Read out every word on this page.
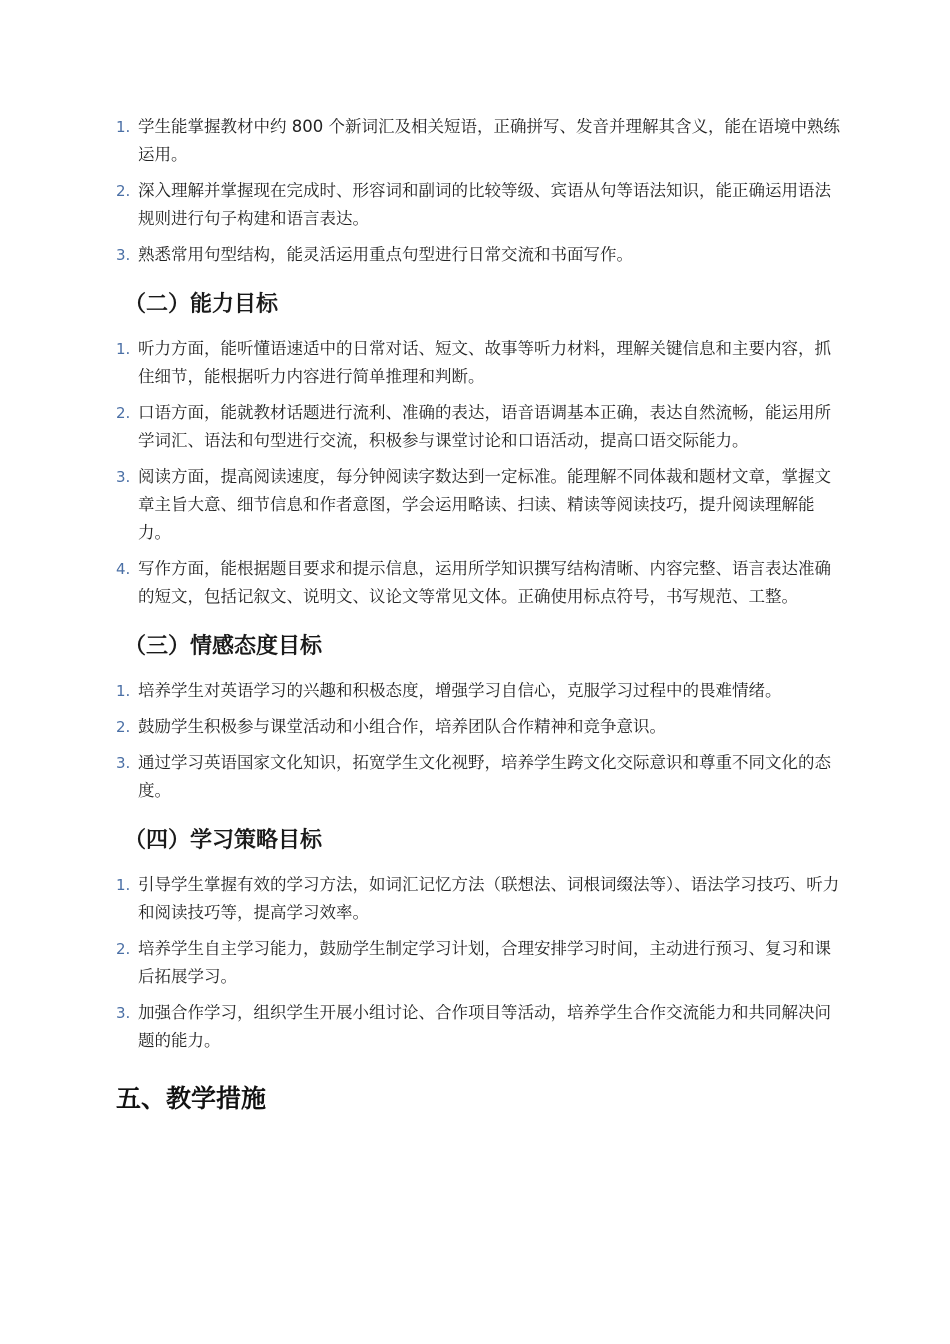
1. 学生能掌握教材中约 800 个新词汇及相关短语，正确拼写、发音并理解其含义，能在语境中熟练运用。
2. 深入理解并掌握现在完成时、形容词和副词的比较等级、宾语从句等语法知识，能正确运用语法规则进行句子构建和语言表达。
3. 熟悉常用句型结构，能灵活运用重点句型进行日常交流和书面写作。
（二）能力目标
1. 听力方面，能听懂语速适中的日常对话、短文、故事等听力材料，理解关键信息和主要内容，抓住细节，能根据听力内容进行简单推理和判断。
2. 口语方面，能就教材话题进行流利、准确的表达，语音语调基本正确，表达自然流畅，能运用所学词汇、语法和句型进行交流，积极参与课堂讨论和口语活动，提高口语交际能力。
3. 阅读方面，提高阅读速度，每分钟阅读字数达到一定标准。能理解不同体裁和题材文章，掌握文章主旨大意、细节信息和作者意图，学会运用略读、扫读、精读等阅读技巧，提升阅读理解能力。
4. 写作方面，能根据题目要求和提示信息，运用所学知识撰写结构清晰、内容完整、语言表达准确的短文，包括记叙文、说明文、议论文等常见文体。正确使用标点符号，书写规范、工整。
（三）情感态度目标
1. 培养学生对英语学习的兴趣和积极态度，增强学习自信心，克服学习过程中的畏难情绪。
2. 鼓励学生积极参与课堂活动和小组合作，培养团队合作精神和竞争意识。
3. 通过学习英语国家文化知识，拓宽学生文化视野，培养学生跨文化交际意识和尊重不同文化的态度。
（四）学习策略目标
1. 引导学生掌握有效的学习方法，如词汇记忆方法（联想法、词根词缀法等）、语法学习技巧、听力和阅读技巧等，提高学习效率。
2. 培养学生自主学习能力，鼓励学生制定学习计划，合理安排学习时间，主动进行预习、复习和课后拓展学习。
3. 加强合作学习，组织学生开展小组讨论、合作项目等活动，培养学生合作交流能力和共同解决问题的能力。
五、教学措施
